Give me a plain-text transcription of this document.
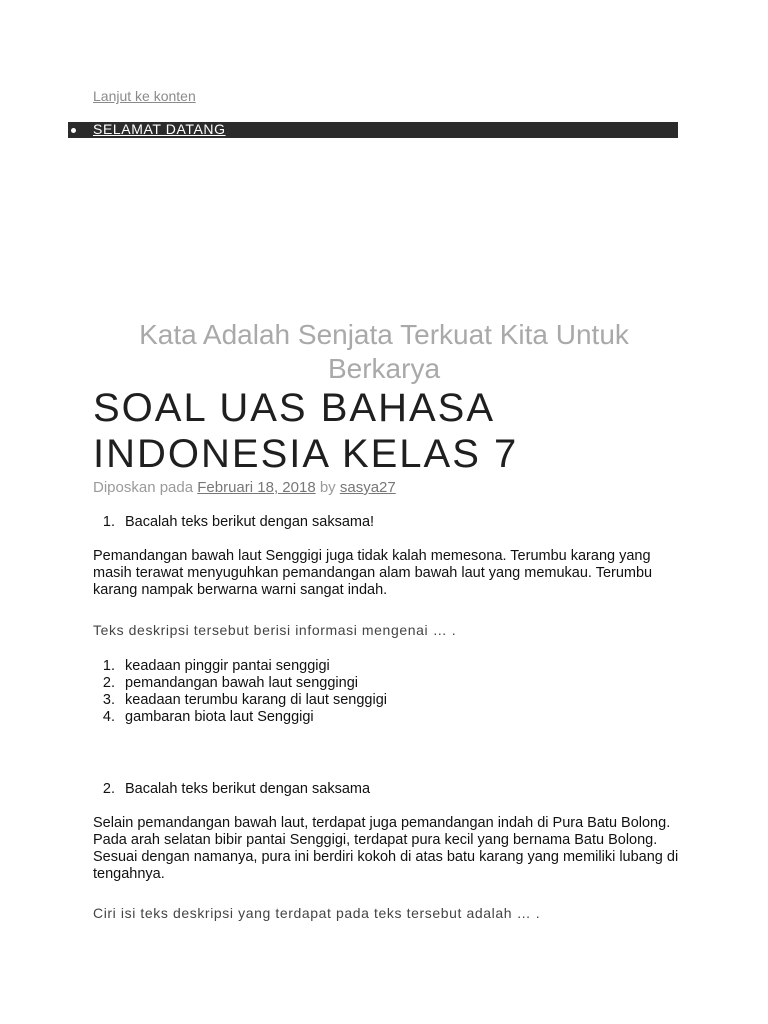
Lanjut ke konten
SELAMAT DATANG
Kata Adalah Senjata Terkuat Kita Untuk Berkarya
SOAL UAS BAHASA INDONESIA KELAS 7
Diposkan pada Februari 18, 2018 by sasya27
1. Bacalah teks berikut dengan saksama!
Pemandangan bawah laut Senggigi juga tidak kalah memesona. Terumbu karang yang masih terawat menyuguhkan pemandangan alam bawah laut yang memukau. Terumbu karang nampak berwarna warni sangat indah.
Teks deskripsi tersebut berisi informasi mengenai … .
1. keadaan pinggir pantai senggigi
2. pemandangan bawah laut senggingi
3. keadaan terumbu karang di laut senggigi
4. gambaran biota laut Senggigi
2. Bacalah teks berikut dengan saksama
Selain pemandangan bawah laut, terdapat juga pemandangan indah di Pura Batu Bolong. Pada arah selatan bibir pantai Senggigi, terdapat pura kecil yang bernama Batu Bolong. Sesuai dengan namanya, pura ini berdiri kokoh di atas batu karang yang memiliki lubang di tengahnya.
Ciri isi teks deskripsi yang terdapat pada teks tersebut adalah … .
